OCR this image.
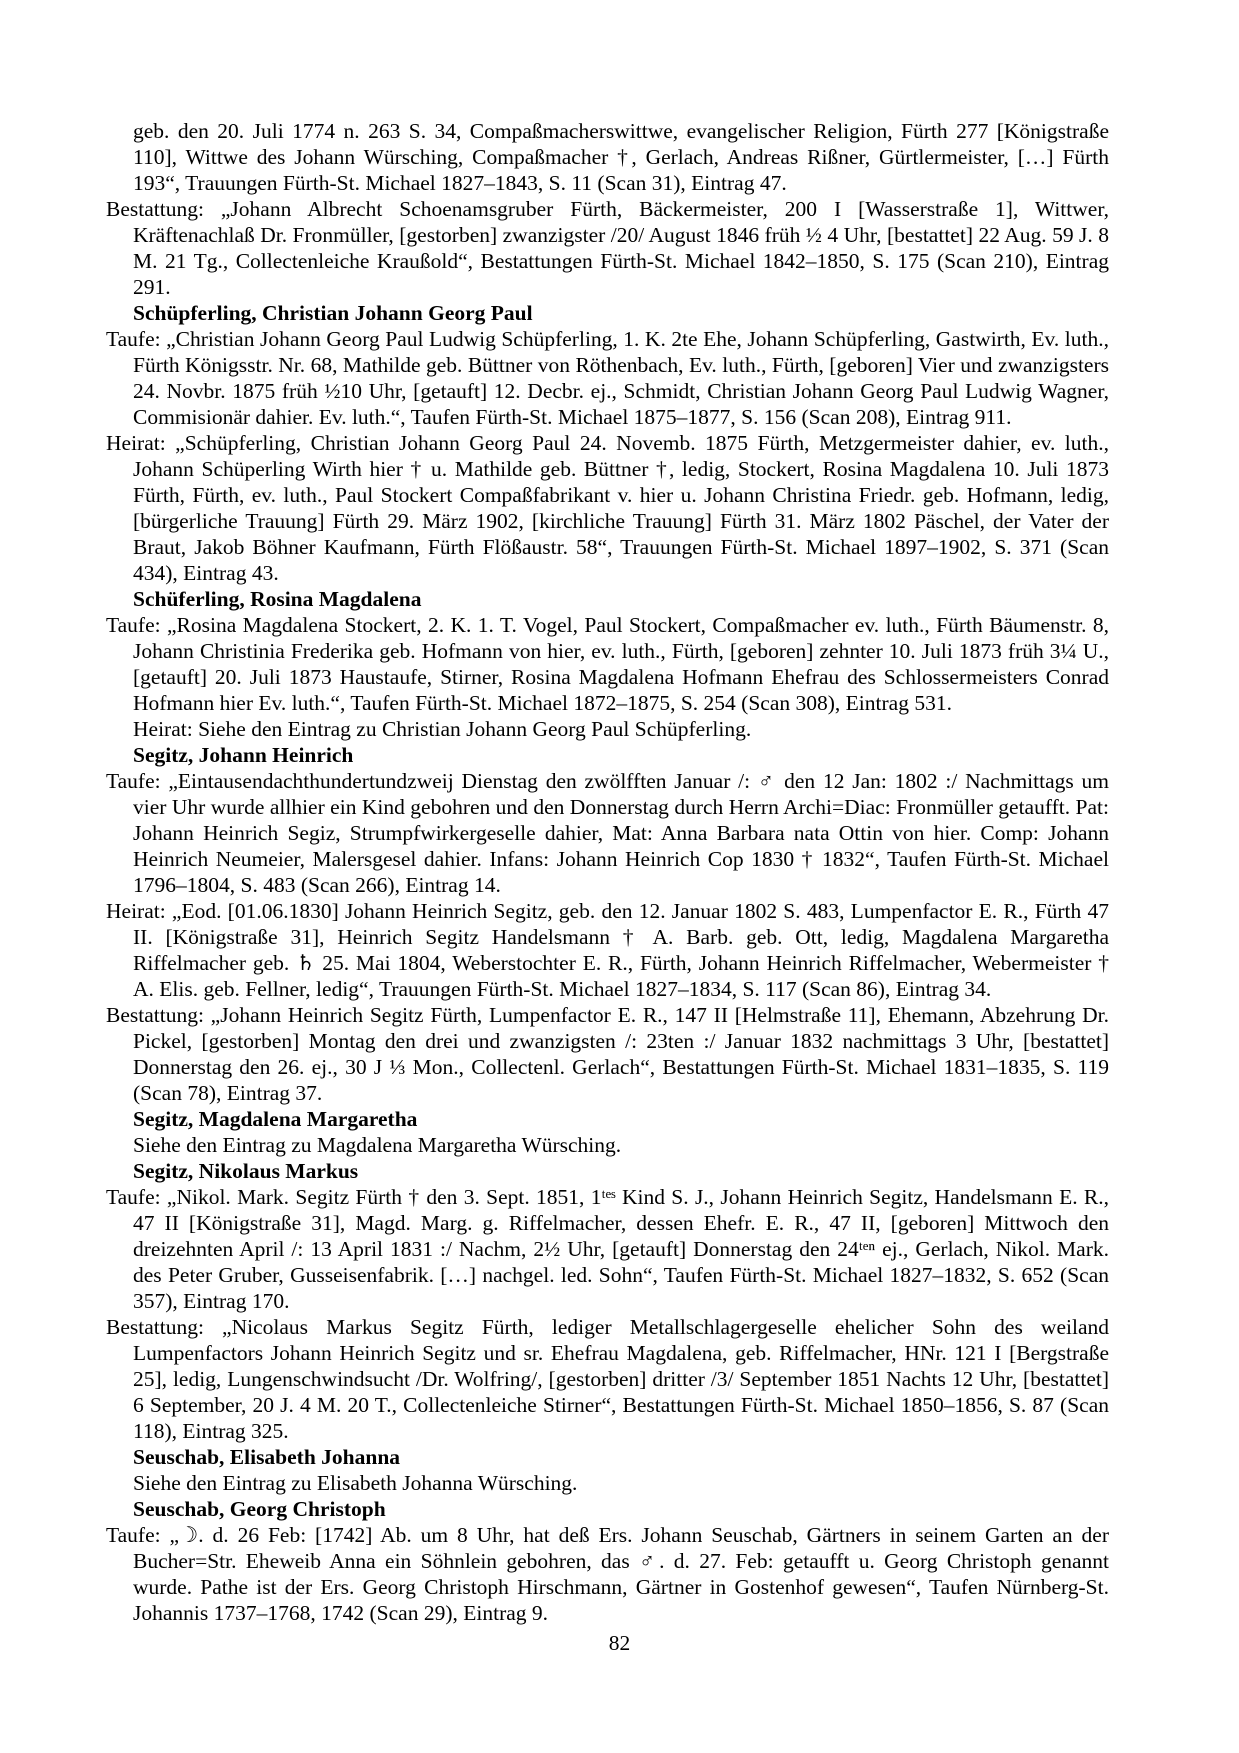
geb. den 20. Juli 1774 n. 263 S. 34, Compaßmacherswittwe, evangelischer Religion, Fürth 277 [Königstraße 110], Wittwe des Johann Würsching, Compaßmacher †, Gerlach, Andreas Rißner, Gürtlermeister, […] Fürth 193“, Trauungen Fürth-St. Michael 1827–1843, S. 11 (Scan 31), Eintrag 47.

Bestattung: „Johann Albrecht Schoenamsgruber Fürth, Bäckermeister, 200 I [Wasserstraße 1], Wittwer, Kräftenachlaß Dr. Fronmüller, [gestorben] zwanzigster /20/ August 1846 früh ½ 4 Uhr, [bestattet] 22 Aug. 59 J. 8 M. 21 Tg., Collectenleiche Kraußold“, Bestattungen Fürth-St. Michael 1842–1850, S. 175 (Scan 210), Eintrag 291.

Schüpferling, Christian Johann Georg Paul

Taufe: „Christian Johann Georg Paul Ludwig Schüpferling, 1. K. 2te Ehe, Johann Schüpferling, Gastwirth, Ev. luth., Fürth Königsstr. Nr. 68, Mathilde geb. Büttner von Röthenbach, Ev. luth., Fürth, [geboren] Vier und zwanzigsters 24. Novbr. 1875 früh ½10 Uhr, [getauft] 12. Decbr. ej., Schmidt, Christian Johann Georg Paul Ludwig Wagner, Commisionär dahier. Ev. luth.“, Taufen Fürth-St. Michael 1875–1877, S. 156 (Scan 208), Eintrag 911.

Heirat: „Schüpferling, Christian Johann Georg Paul 24. Novemb. 1875 Fürth, Metzgermeister dahier, ev. luth., Johann Schüperling Wirth hier † u. Mathilde geb. Büttner †, ledig, Stockert, Rosina Magdalena 10. Juli 1873 Fürth, Fürth, ev. luth., Paul Stockert Compaßfabrikant v. hier u. Johann Christina Friedr. geb. Hofmann, ledig, [bürgerliche Trauung] Fürth 29. März 1902, [kirchliche Trauung] Fürth 31. März 1802 Päschel, der Vater der Braut, Jakob Böhner Kaufmann, Fürth Flößaustr. 58“, Trauungen Fürth-St. Michael 1897–1902, S. 371 (Scan 434), Eintrag 43.

Schüferling, Rosina Magdalena

Taufe: „Rosina Magdalena Stockert, 2. K. 1. T. Vogel, Paul Stockert, Compaßmacher ev. luth., Fürth Bäumenstr. 8, Johann Christinia Frederika geb. Hofmann von hier, ev. luth., Fürth, [geboren] zehnter 10. Juli 1873 früh 3¼ U., [getauft] 20. Juli 1873 Haustaufe, Stirner, Rosina Magdalena Hofmann Ehefrau des Schlossermeisters Conrad Hofmann hier Ev. luth.“, Taufen Fürth-St. Michael 1872–1875, S. 254 (Scan 308), Eintrag 531.

Heirat: Siehe den Eintrag zu Christian Johann Georg Paul Schüpferling.

Segitz, Johann Heinrich

Taufe: „Eintausendachthundertundzweij Dienstag den zwölfften Januar /: ♂ den 12 Jan: 1802 :/ Nachmittags um vier Uhr wurde allhier ein Kind gebohren und den Donnerstag durch Herrn Archi=Diac: Fronmüller getaufft. Pat: Johann Heinrich Segiz, Strumpfwirkergeselle dahier, Mat: Anna Barbara nata Ottin von hier. Comp: Johann Heinrich Neumeier, Malersgesel dahier. Infans: Johann Heinrich Cop 1830 † 1832“, Taufen Fürth-St. Michael 1796–1804, S. 483 (Scan 266), Eintrag 14.

Heirat: „Eod. [01.06.1830] Johann Heinrich Segitz, geb. den 12. Januar 1802 S. 483, Lumpenfactor E. R., Fürth 47 II. [Königstraße 31], Heinrich Segitz Handelsmann † A. Barb. geb. Ott, ledig, Magdalena Margaretha Riffelmacher geb. ♄ 25. Mai 1804, Weberstochter E. R., Fürth, Johann Heinrich Riffelmacher, Webermeister † A. Elis. geb. Fellner, ledig“, Trauungen Fürth-St. Michael 1827–1834, S. 117 (Scan 86), Eintrag 34.

Bestattung: „Johann Heinrich Segitz Fürth, Lumpenfactor E. R., 147 II [Helmstraße 11], Ehemann, Abzehrung Dr. Pickel, [gestorben] Montag den drei und zwanzigsten /: 23ten :/ Januar 1832 nachmittags 3 Uhr, [bestattet] Donnerstag den 26. ej., 30 J ⅓ Mon., Collectenl. Gerlach“, Bestattungen Fürth-St. Michael 1831–1835, S. 119 (Scan 78), Eintrag 37.

Segitz, Magdalena Margaretha

Siehe den Eintrag zu Magdalena Margaretha Würsching.

Segitz, Nikolaus Markus

Taufe: „Nikol. Mark. Segitz Fürth † den 3. Sept. 1851, 1ᵗᵉˢ Kind S. J., Johann Heinrich Segitz, Handelsmann E. R., 47 II [Königstraße 31], Magd. Marg. g. Riffelmacher, dessen Ehefr. E. R., 47 II, [geboren] Mittwoch den dreizehnten April /: 13 April 1831 :/ Nachm, 2½ Uhr, [getauft] Donnerstag den 24ᵗᵉⁿ ej., Gerlach, Nikol. Mark. des Peter Gruber, Gusseisenfabrik. […] nachgel. led. Sohn“, Taufen Fürth-St. Michael 1827–1832, S. 652 (Scan 357), Eintrag 170.

Bestattung: „Nicolaus Markus Segitz Fürth, lediger Metallschlagergeselle ehelicher Sohn des weiland Lumpenfactors Johann Heinrich Segitz und sr. Ehefrau Magdalena, geb. Riffelmacher, HNr. 121 I [Bergstraße 25], ledig, Lungenschwindsucht /Dr. Wolfring/, [gestorben] dritter /3/ September 1851 Nachts 12 Uhr, [bestattet] 6 September, 20 J. 4 M. 20 T., Collectenleiche Stirner“, Bestattungen Fürth-St. Michael 1850–1856, S. 87 (Scan 118), Eintrag 325.

Seuschab, Elisabeth Johanna

Siehe den Eintrag zu Elisabeth Johanna Würsching.

Seuschab, Georg Christoph

Taufe: „☽. d. 26 Feb: [1742] Ab. um 8 Uhr, hat deß Ers. Johann Seuschab, Gärtners in seinem Garten an der Bucher=Str. Eheweib Anna ein Söhnlein gebohren, das ♂. d. 27. Feb: getaufft u. Georg Christoph genannt wurde. Pathe ist der Ers. Georg Christoph Hirschmann, Gärtner in Gostenhof gewesen“, Taufen Nürnberg-St. Johannis 1737–1768, 1742 (Scan 29), Eintrag 9.

82
